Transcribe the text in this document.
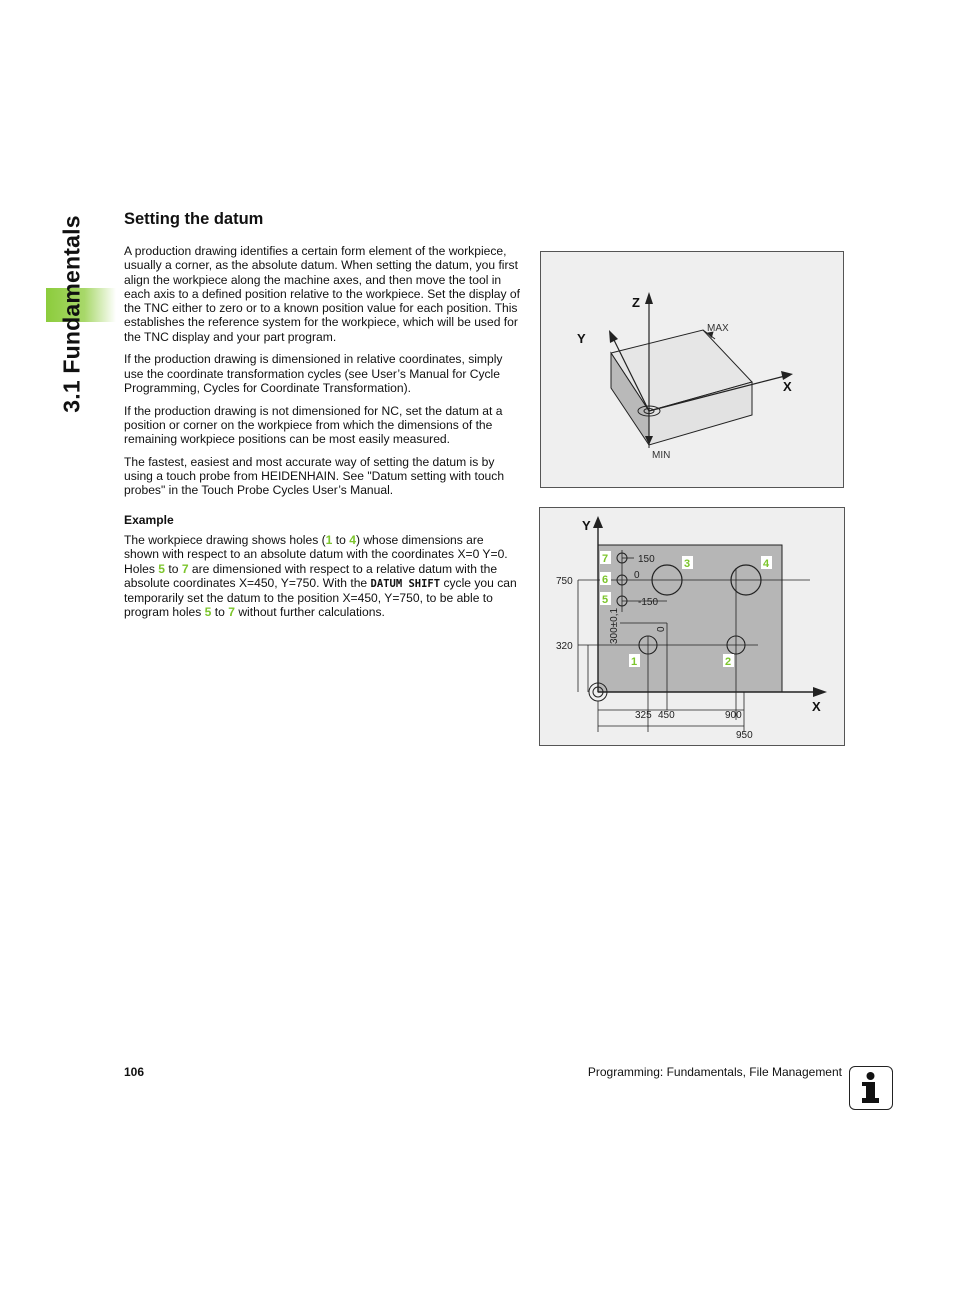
3.1 Fundamentals Setting the datum

A production drawing identifies a certain form element of the workpiece, usually a corner, as the absolute datum. When setting the datum, you first align the workpiece along the machine axes, and then move the tool in each axis to a defined position relative to the workpiece. Set the display of the TNC either to zero or to a known position value for each position. This establishes the reference system for the workpiece, which will be used for the TNC display and your part program.

If the production drawing is dimensioned in relative coordinates, simply use the coordinate transformation cycles (see User’s Manual for Cycle Programming, Cycles for Coordinate Transformation).

If the production drawing is not dimensioned for NC, set the datum at a position or corner on the workpiece from which the dimensions of the remaining workpiece positions can be most easily measured.

The fastest, easiest and most accurate way of setting the datum is by using a touch probe from HEIDENHAIN. See "Datum setting with touch probes" in the Touch Probe Cycles User’s Manual.

Example

The workpiece drawing shows holes (1 to 4) whose dimensions are shown with respect to an absolute datum with the coordinates X=0 Y=0. Holes 5 to 7 are dimensioned with respect to a relative datum with the absolute coordinates X=450, Y=750. With the DATUM SHIFT cycle you can temporarily set the datum to the position X=450, Y=750, to be able to program holes 5 to 7 without further calculations.

Z
Y
X
MAX
MIN
7
6
5
3	4
1	2
150
0
-150
300±0,1	0
750
320
325 450	900
950
Y
X
106	Programming: Fundamentals, File Management
